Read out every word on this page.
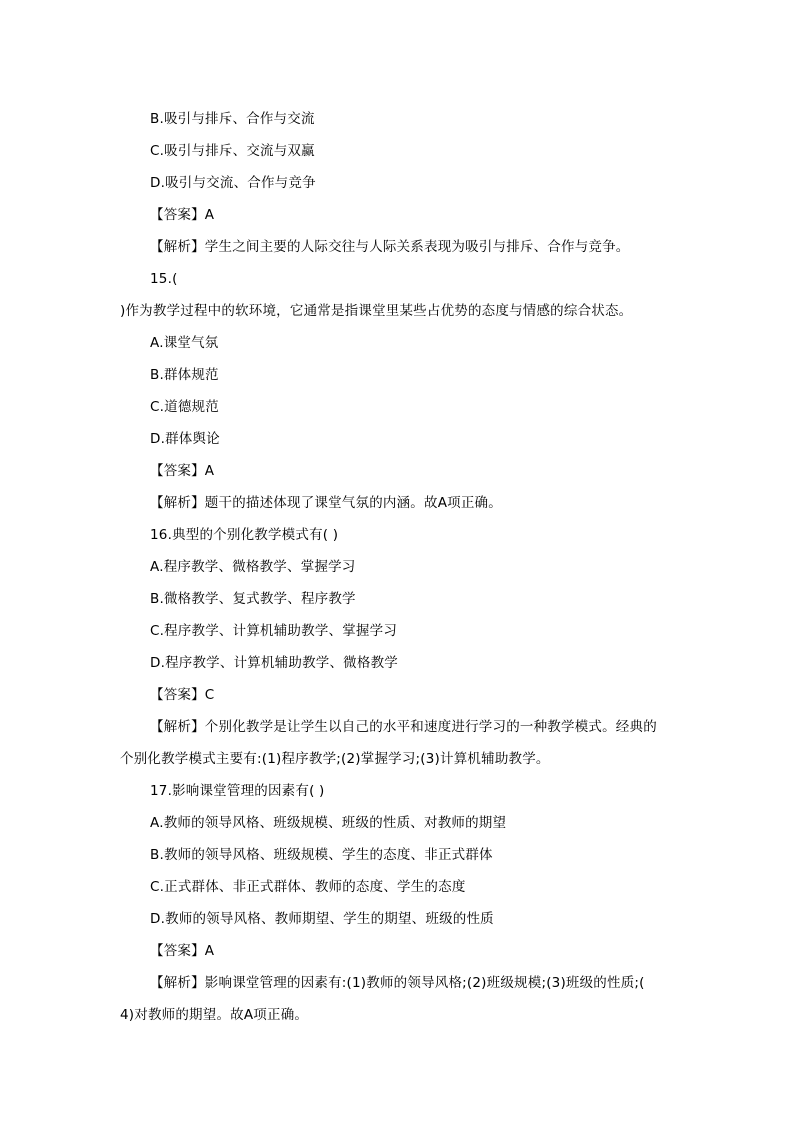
B.吸引与排斥、合作与交流
C.吸引与排斥、交流与双赢
D.吸引与交流、合作与竞争
【答案】A
【解析】学生之间主要的人际交往与人际关系表现为吸引与排斥、合作与竞争。
15.(
)作为教学过程中的软环境，它通常是指课堂里某些占优势的态度与情感的综合状态。
A.课堂气氛
B.群体规范
C.道德规范
D.群体舆论
【答案】A
【解析】题干的描述体现了课堂气氛的内涵。故A项正确。
16.典型的个别化教学模式有( )
A.程序教学、微格教学、掌握学习
B.微格教学、复式教学、程序教学
C.程序教学、计算机辅助教学、掌握学习
D.程序教学、计算机辅助教学、微格教学
【答案】C
【解析】个别化教学是让学生以自己的水平和速度进行学习的一种教学模式。经典的
个别化教学模式主要有:(1)程序教学;(2)掌握学习;(3)计算机辅助教学。
17.影响课堂管理的因素有( )
A.教师的领导风格、班级规模、班级的性质、对教师的期望
B.教师的领导风格、班级规模、学生的态度、非正式群体
C.正式群体、非正式群体、教师的态度、学生的态度
D.教师的领导风格、教师期望、学生的期望、班级的性质
【答案】A
【解析】影响课堂管理的因素有:(1)教师的领导风格;(2)班级规模;(3)班级的性质;(
4)对教师的期望。故A项正确。
